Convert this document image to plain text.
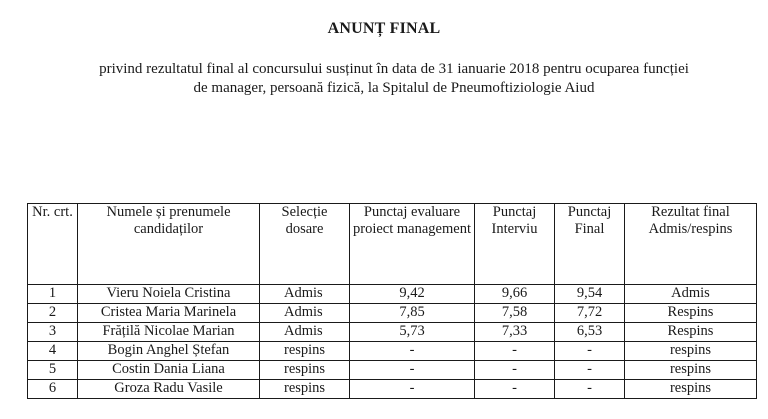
ANUNȚ FINAL
privind rezultatul final al concursului susținut în data de 31 ianuarie 2018 pentru ocuparea funcției
de manager, persoană fizică, la Spitalul de Pneumoftiziologie Aiud
Nr. crt.	Numele și prenumele candidaților	Selecție dosare	Punctaj evaluare proiect management	Punctaj Interviu	Punctaj Final	Rezultat final Admis/respins
1	Vieru Noiela Cristina	Admis	9,42	9,66	9,54	Admis
2	Cristea Maria Marinela	Admis	7,85	7,58	7,72	Respins
3	Frățilă Nicolae Marian	Admis	5,73	7,33	6,53	Respins
4	Bogin Anghel Ștefan	respins	-	-	-	respins
5	Costin Dania Liana	respins	-	-	-	respins
6	Groza Radu Vasile	respins	-	-	-	respins
